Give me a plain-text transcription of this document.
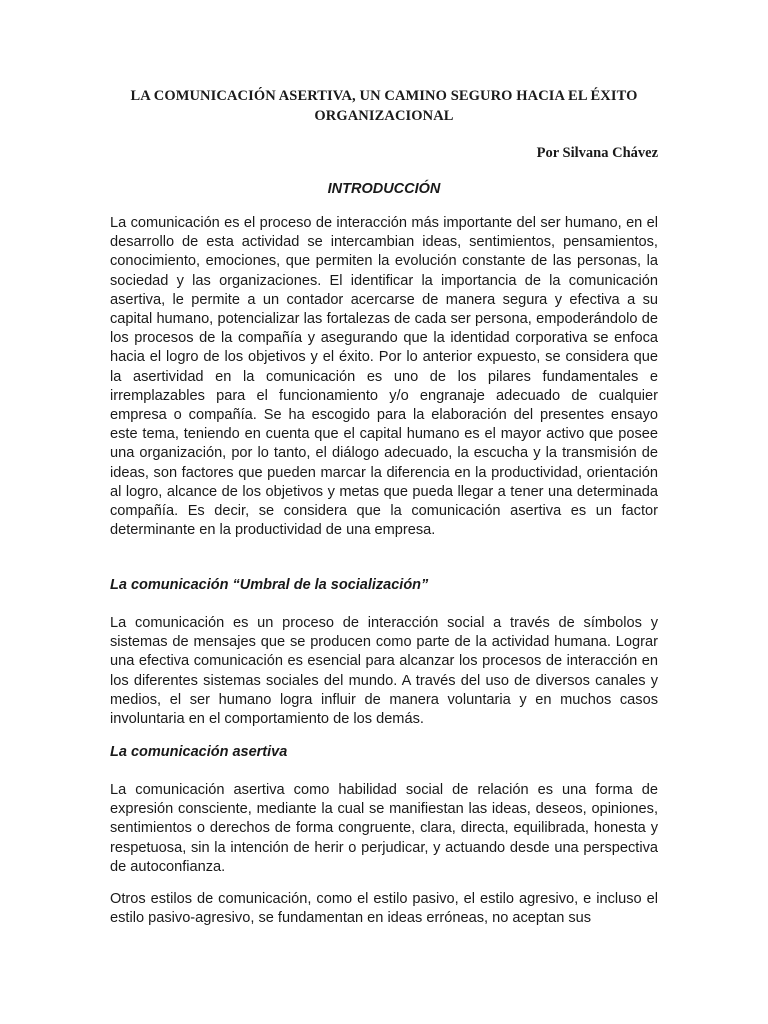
LA COMUNICACIÓN ASERTIVA, UN CAMINO SEGURO HACIA EL ÉXITO ORGANIZACIONAL
Por Silvana Chávez
INTRODUCCIÓN

La comunicación es el proceso de interacción más importante del ser humano, en el desarrollo de esta actividad se intercambian ideas, sentimientos, pensamientos, conocimiento, emociones, que permiten la evolución constante de las personas, la sociedad y las organizaciones. El identificar la importancia de la comunicación asertiva, le permite a un contador acercarse de manera segura y efectiva a su capital humano, potencializar las fortalezas de cada ser persona, empoderándolo de los procesos de la compañía y asegurando que la identidad corporativa se enfoca hacia el logro de los objetivos y el éxito. Por lo anterior expuesto, se considera que la asertividad en la comunicación es uno de los pilares fundamentales e irremplazables para el funcionamiento y/o engranaje adecuado de cualquier empresa o compañía. Se ha escogido para la elaboración del presentes ensayo este tema, teniendo en cuenta que el capital humano es el mayor activo que posee una organización, por lo tanto, el diálogo adecuado, la escucha y la transmisión de ideas, son factores que pueden marcar la diferencia en la productividad, orientación al logro, alcance de los objetivos y metas que pueda llegar a tener una determinada compañía. Es decir, se considera que la comunicación asertiva es un factor determinante en la productividad de una empresa.

La comunicación “Umbral de la socialización”

La comunicación es un proceso de interacción social a través de símbolos y sistemas de mensajes que se producen como parte de la actividad humana. Lograr una efectiva comunicación es esencial para alcanzar los procesos de interacción en los diferentes sistemas sociales del mundo. A través del uso de diversos canales y medios, el ser humano logra influir de manera voluntaria y en muchos casos involuntaria en el comportamiento de los demás.

La comunicación asertiva

La comunicación asertiva como habilidad social de relación es una forma de expresión consciente, mediante la cual se manifiestan las ideas, deseos, opiniones, sentimientos o derechos de forma congruente, clara, directa, equilibrada, honesta y respetuosa, sin la intención de herir o perjudicar, y actuando desde una perspectiva de autoconfianza.

Otros estilos de comunicación, como el estilo pasivo, el estilo agresivo, e incluso el estilo pasivo-agresivo, se fundamentan en ideas erróneas, no aceptan sus
